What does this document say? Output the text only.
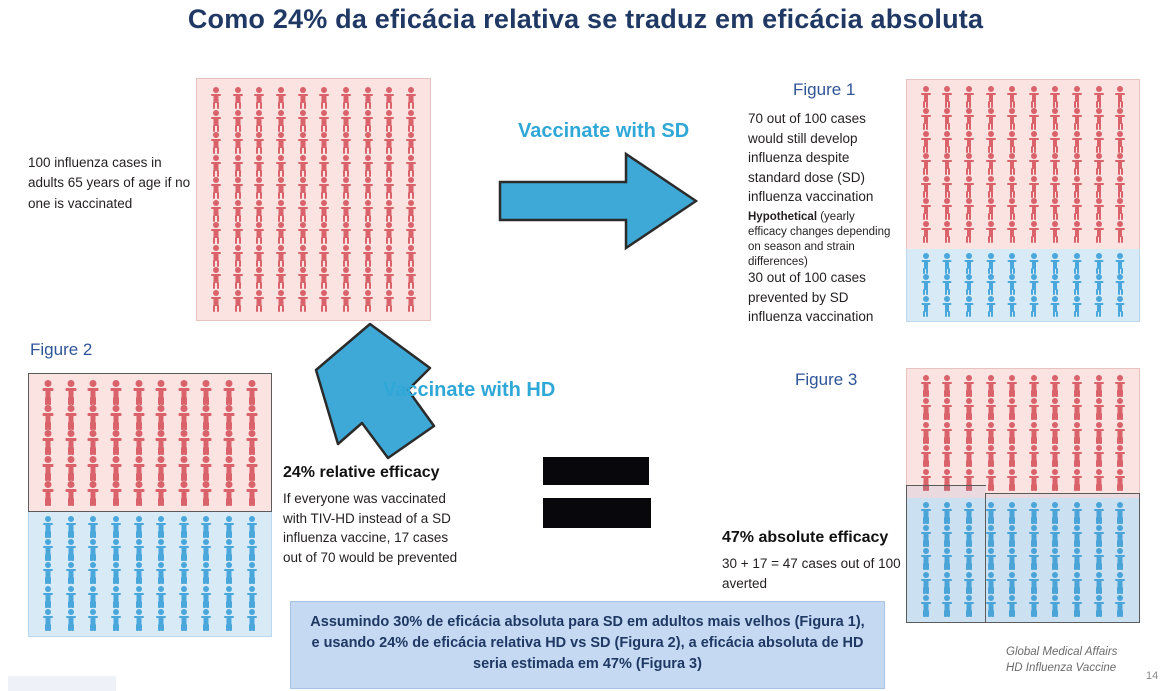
Como 24% da eficácia relativa se traduz em eficácia absoluta
100 influenza cases in adults 65 years of age if no one is vaccinated
Vaccinate with SD
Figure 1
70 out of 100 cases would still develop influenza despite standard dose (SD) influenza vaccination
Hypothetical (yearly efficacy changes depending on season and strain differences)
30 out of 100 cases prevented by SD influenza vaccination
Vaccinate with HD
Figure 2
24% relative efficacy
If everyone was vaccinated with TIV-HD instead of a SD influenza vaccine, 17 cases out of 70 would be prevented
Figure 3
47% absolute efficacy
30 + 17 = 47 cases out of 100 averted
Assumindo 30% de eficácia absoluta para SD em adultos mais velhos (Figura 1), e usando 24% de eficácia relativa HD vs SD (Figura 2), a eficácia absoluta de HD seria estimada em 47% (Figura 3)
Global Medical Affairs
HD Influenza Vaccine
14
